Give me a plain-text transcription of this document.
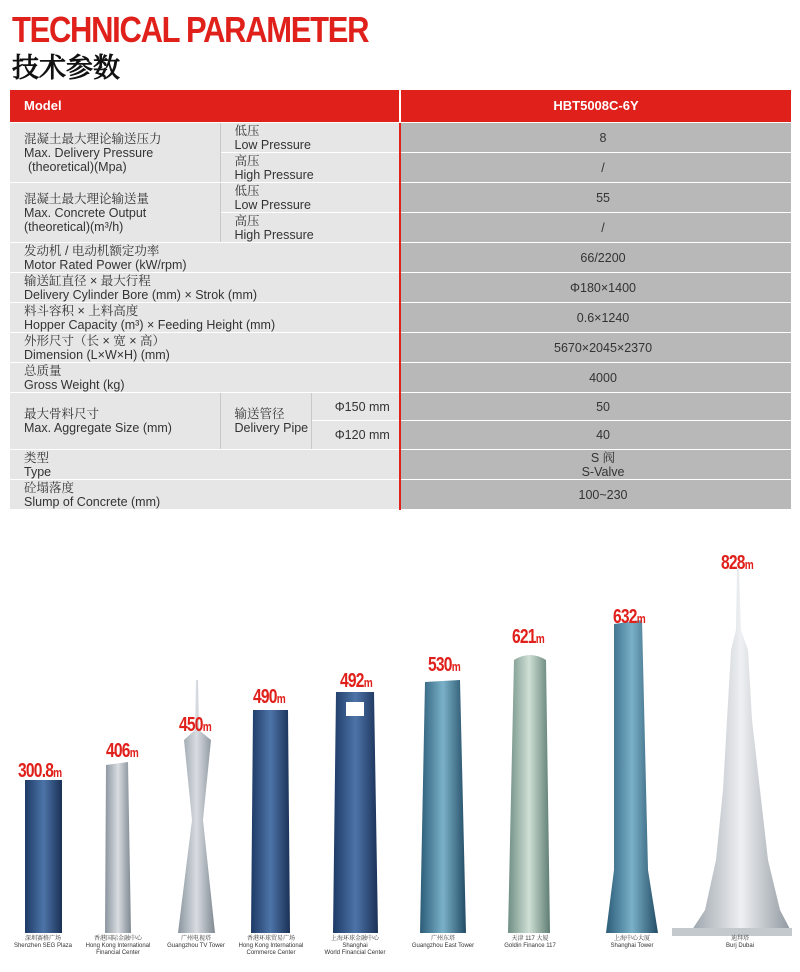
TECHNICAL PARAMETER
技术参数
Model			HBT5008C-6Y

混凝土最大理论输送压力
Max. Delivery Pressure
(theoretical)(Mpa)	低压
Low Pressure		8

	高压
High Pressure		/

混凝土最大理论输送量
Max. Concrete Output
(theoretical)(m³/h)	低压
Low Pressure		55

	高压
High Pressure		/

发动机 / 电动机额定功率
Motor Rated Power (kW/rpm)			66/2200

输送缸直径 × 最大行程
Delivery Cylinder Bore (mm) × Strok (mm)			Φ180×1400

料斗容积 × 上料高度
Hopper Capacity (m³) × Feeding Height (mm)			0.6×1240

外形尺寸（长 × 宽 × 高）
Dimension (L×W×H) (mm)			5670×2045×2370

总质量
Gross Weight (kg)			4000

最大骨料尺寸
Max. Aggregate Size (mm)	输送管径
Delivery Pipe	Φ150 mm	50
		Φ120 mm	40

类型
Type			S 阀
S-Valve

砼塌落度
Slump of Concrete (mm)			100~230
300.8m
406m
450m
490m
492m
530m
621m
632m
828m
深圳赛格广场
Shenzhen SEG Plaza
香港国际金融中心
Hong Kong International
Financial Center
广州电视塔
Guangzhou TV Tower
香港环球贸易广场
Hong Kong International
Commerce Center
上海环球金融中心
Shanghai
World Financial Center
广州东塔
Guangzhou East Tower
天津 117 大厦
Goldin Finance 117
上海中心大厦
Shanghai Tower
迪拜塔
Burj Dubai
